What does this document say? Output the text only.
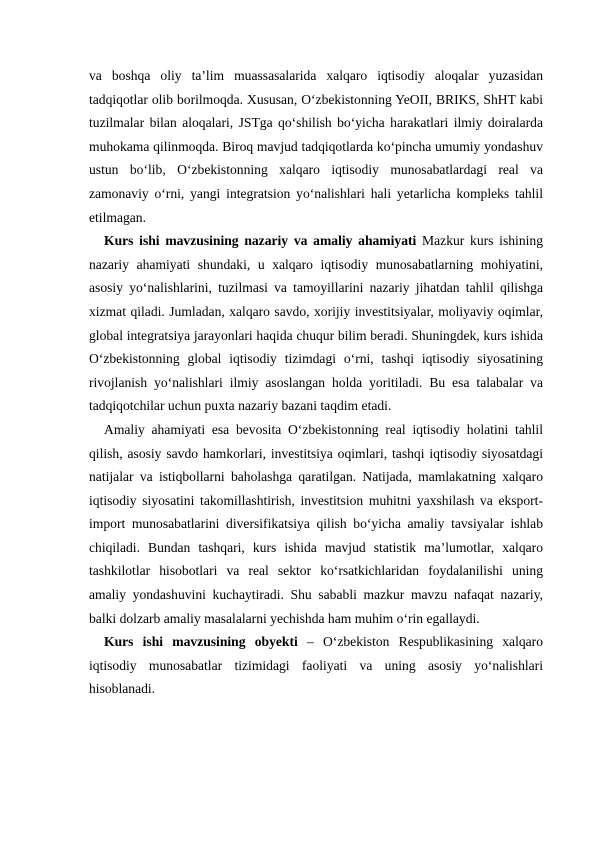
va boshqa oliy ta’lim muassasalarida xalqaro iqtisodiy aloqalar yuzasidan tadqiqotlar olib borilmoqda. Xususan, O‘zbekistonning YeOII, BRIKS, ShHT kabi tuzilmalar bilan aloqalari, JSTga qo‘shilish bo‘yicha harakatlari ilmiy doiralarda muhokama qilinmoqda. Biroq mavjud tadqiqotlarda ko‘pincha umumiy yondashuv ustun bo‘lib, O‘zbekistonning xalqaro iqtisodiy munosabatlardagi real va zamonaviy o‘rni, yangi integratsion yo‘nalishlari hali yetarlicha kompleks tahlil etilmagan.

Kurs ishi mavzusining nazariy va amaliy ahamiyati Mazkur kurs ishining nazariy ahamiyati shundaki, u xalqaro iqtisodiy munosabatlarning mohiyatini, asosiy yo‘nalishlarini, tuzilmasi va tamoyillarini nazariy jihatdan tahlil qilishga xizmat qiladi. Jumladan, xalqaro savdo, xorijiy investitsiyalar, moliyaviy oqimlar, global integratsiya jarayonlari haqida chuqur bilim beradi. Shuningdek, kurs ishida O‘zbekistonning global iqtisodiy tizimdagi o‘rni, tashqi iqtisodiy siyosatining rivojlanish yo‘nalishlari ilmiy asoslangan holda yoritiladi. Bu esa talabalar va tadqiqotchilar uchun puxta nazariy bazani taqdim etadi.

Amaliy ahamiyati esa bevosita O‘zbekistonning real iqtisodiy holatini tahlil qilish, asosiy savdo hamkorlari, investitsiya oqimlari, tashqi iqtisodiy siyosatdagi natijalar va istiqbollarni baholashga qaratilgan. Natijada, mamlakatning xalqaro iqtisodiy siyosatini takomillashtirish, investitsion muhitni yaxshilash va eksport-import munosabatlarini diversifikatsiya qilish bo‘yicha amaliy tavsiyalar ishlab chiqiladi. Bundan tashqari, kurs ishida mavjud statistik ma’lumotlar, xalqaro tashkilotlar hisobotlari va real sektor ko‘rsatkichlaridan foydalanilishi uning amaliy yondashuvini kuchaytiradi. Shu sababli mazkur mavzu nafaqat nazariy, balki dolzarb amaliy masalalarni yechishda ham muhim o‘rin egallaydi.

Kurs ishi mavzusining obyekti – O‘zbekiston Respublikasining xalqaro iqtisodiy munosabatlar tizimidagi faoliyati va uning asosiy yo‘nalishlari hisoblanadi.
